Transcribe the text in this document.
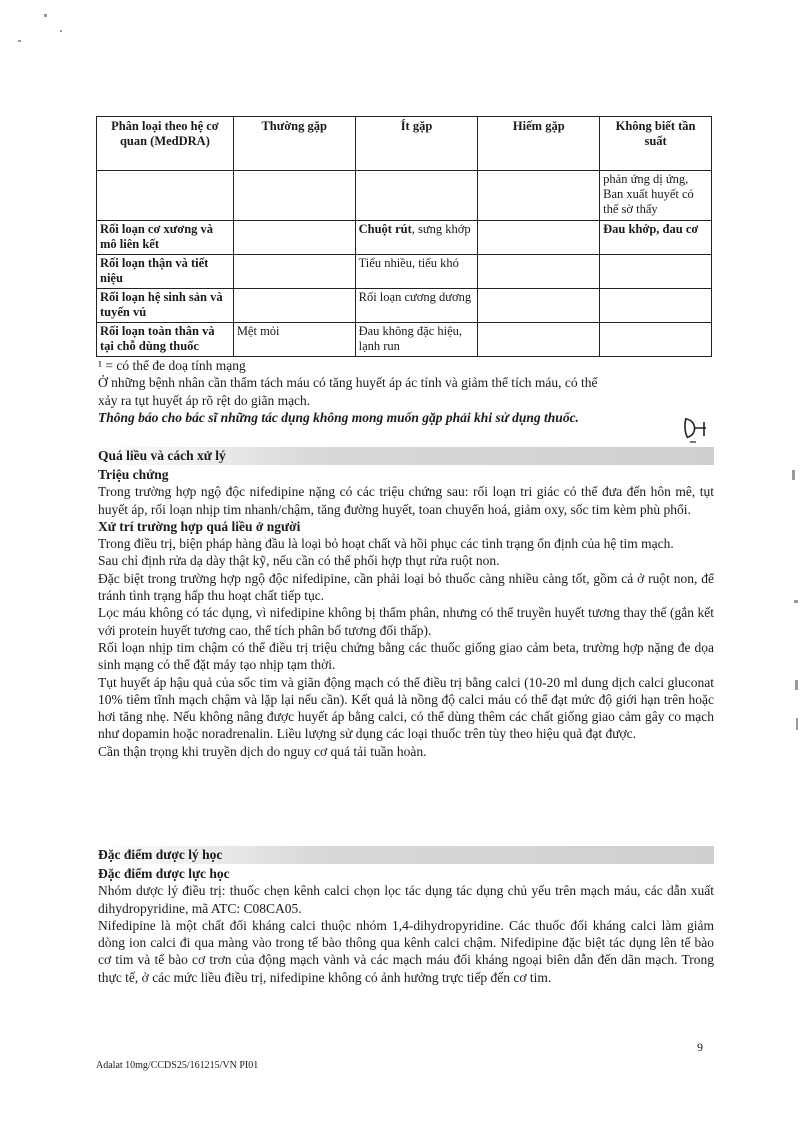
Phân loại theo hệ cơ quan (MedDRA)	Thường gặp	Ít gặp	Hiếm gặp	Không biết tần suất
				phản ứng dị ứng, Ban xuất huyết có thể sờ thấy
Rối loạn cơ xương và mô liên kết		Chuột rút, sưng khớp		Đau khớp, đau cơ
Rối loạn thận và tiết niệu		Tiểu nhiều, tiểu khó		
Rối loạn hệ sinh sản và tuyến vú		Rối loạn cương dương		
Rối loạn toàn thân và tại chỗ dùng thuốc	Mệt mỏi	Đau không đặc hiệu, lạnh run		
¹ = có thể đe doạ tính mạng
Ở những bệnh nhân cần thẩm tách máu có tăng huyết áp ác tính và giảm thể tích máu, có thể
xảy ra tụt huyết áp rõ rệt do giãn mạch.
Thông báo cho bác sĩ những tác dụng không mong muốn gặp phải khi sử dụng thuốc.
Quá liều và cách xử lý
Triệu chứng
Trong trường hợp ngộ độc nifedipine nặng có các triệu chứng sau: rối loạn tri giác có thể đưa đến hôn mê, tụt huyết áp, rối loạn nhịp tim nhanh/chậm, tăng đường huyết, toan chuyển hoá, giảm oxy, sốc tim kèm phù phổi.
Xử trí trường hợp quá liều ở người
Trong điều trị, biện pháp hàng đầu là loại bỏ hoạt chất và hồi phục các tình trạng ổn định của hệ tim mạch.
Sau chỉ định rửa dạ dày thật kỹ, nếu cần có thể phối hợp thụt rửa ruột non.
Đặc biệt trong trường hợp ngộ độc nifedipine, cần phải loại bỏ thuốc càng nhiều càng tốt, gồm cả ở ruột non, để tránh tình trạng hấp thu hoạt chất tiếp tục.
Lọc máu không có tác dụng, vì nifedipine không bị thẩm phân, nhưng có thể truyền huyết tương thay thế (gắn kết với protein huyết tương cao, thể tích phân bố tương đối thấp).
Rối loạn nhịp tim chậm có thể điều trị triệu chứng bằng các thuốc giống giao cảm beta, trường hợp nặng đe dọa sinh mạng có thể đặt máy tạo nhịp tạm thời.
Tụt huyết áp hậu quả của sốc tim và giãn động mạch có thể điều trị bằng calci (10-20 ml dung dịch calci gluconat 10% tiêm tĩnh mạch chậm và lặp lại nếu cần). Kết quả là nồng độ calci máu có thể đạt mức độ giới hạn trên hoặc hơi tăng nhẹ. Nếu không nâng được huyết áp bằng calci, có thể dùng thêm các chất giống giao cảm gây co mạch như dopamin hoặc noradrenalin. Liều lượng sử dụng các loại thuốc trên tùy theo hiệu quả đạt được.
Cần thận trọng khi truyền dịch do nguy cơ quá tải tuần hoàn.
Đặc điểm dược lý học
Đặc điểm dược lực học
Nhóm dược lý điều trị: thuốc chẹn kênh calci chọn lọc tác dụng tác dụng chủ yếu trên mạch máu, các dẫn xuất dihydropyridine, mã ATC: C08CA05.
Nifedipine là một chất đối kháng calci thuộc nhóm 1,4-dihydropyridine. Các thuốc đối kháng calci làm giảm dòng ion calci đi qua màng vào trong tế bào thông qua kênh calci chậm. Nifedipine đặc biệt tác dụng lên tế bào cơ tim và tế bào cơ trơn của động mạch vành và các mạch máu đối kháng ngoại biên dẫn đến dãn mạch. Trong thực tế, ở các mức liều điều trị, nifedipine không có ảnh hưởng trực tiếp đến cơ tim.
9
Adalat 10mg/CCDS25/161215/VN PI01
